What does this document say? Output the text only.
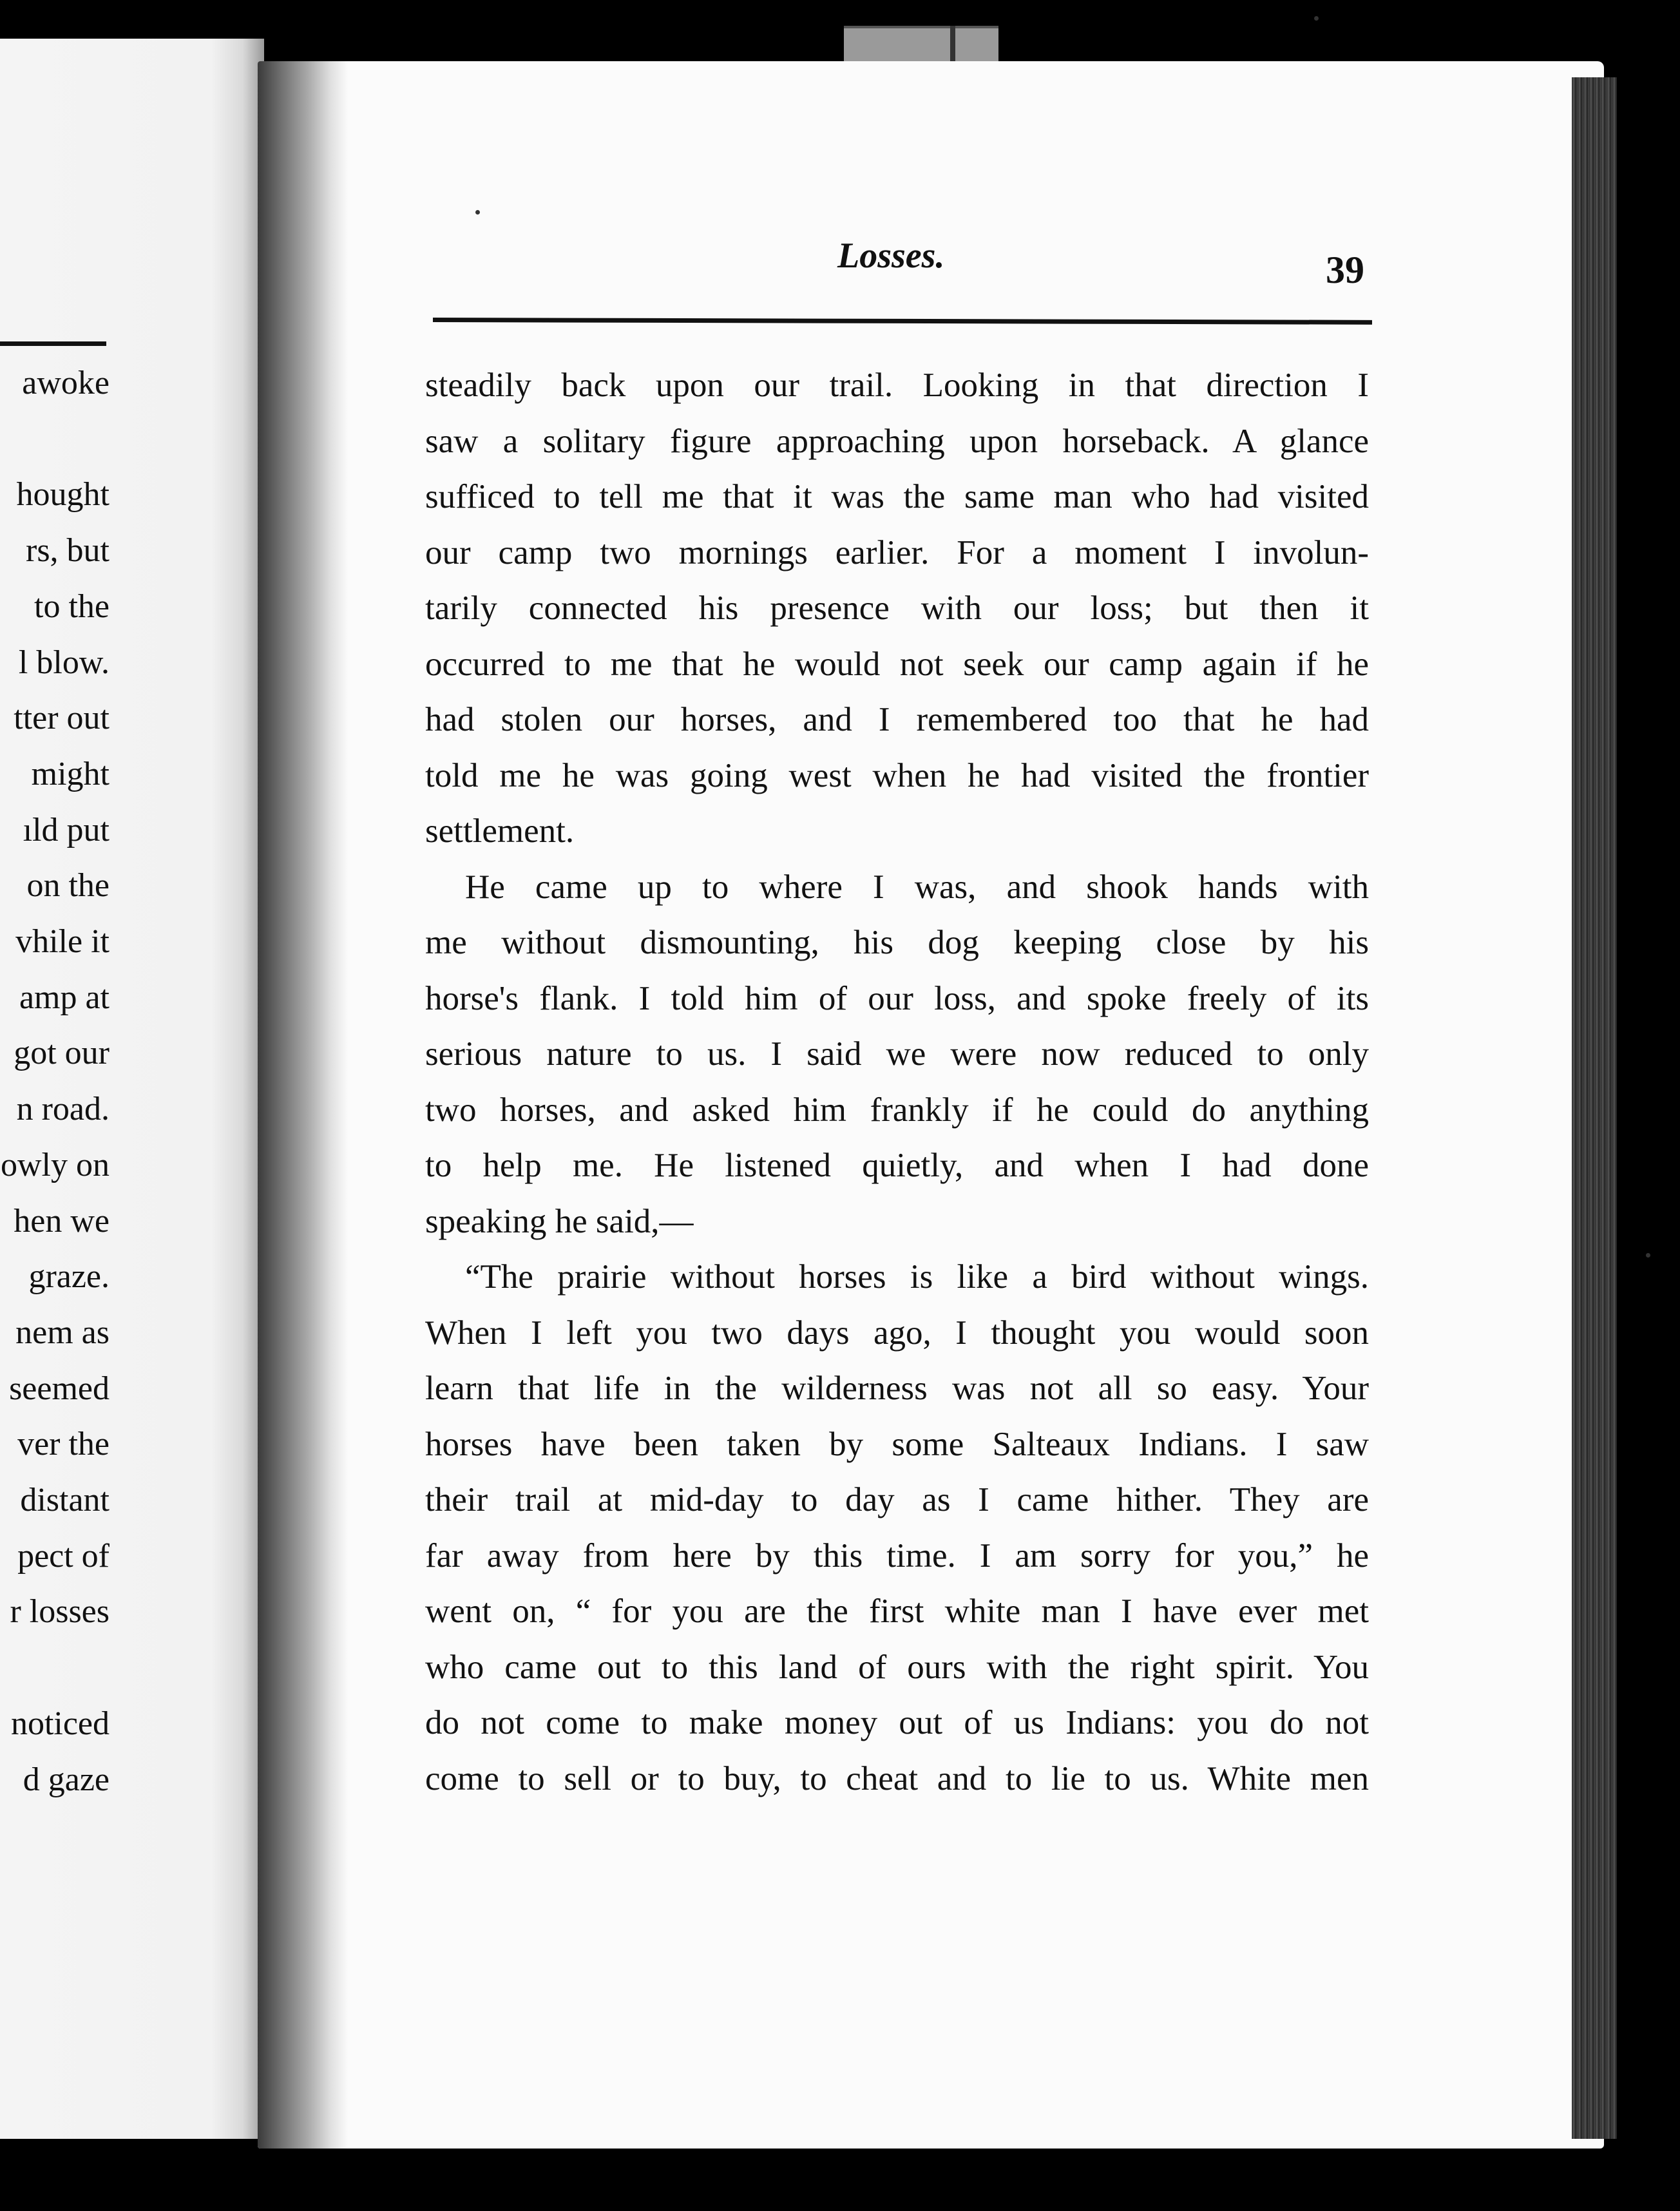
awoke
hought
rs, but
to the
l blow.
tter out
might
ıld put
on the
vhile it
amp at
got our
n road.
owly on
hen we
graze.
nem as
seemed
ver the
distant
pect of
r losses
noticed
d gaze
Losses.	39
steadily back upon our trail. Looking in that direction I
saw a solitary figure approaching upon horseback. A glance
sufficed to tell me that it was the same man who had visited
our camp two mornings earlier. For a moment I involun-
tarily connected his presence with our loss; but then it
occurred to me that he would not seek our camp again if he
had stolen our horses, and I remembered too that he had
told me he was going west when he had visited the frontier
settlement.
He came up to where I was, and shook hands with
me without dismounting, his dog keeping close by his
horse's flank. I told him of our loss, and spoke freely of its
serious nature to us. I said we were now reduced to only
two horses, and asked him frankly if he could do anything
to help me. He listened quietly, and when I had done
speaking he said,—
“The prairie without horses is like a bird without wings.
When I left you two days ago, I thought you would soon
learn that life in the wilderness was not all so easy. Your
horses have been taken by some Salteaux Indians. I saw
their trail at mid-day to day as I came hither. They are
far away from here by this time. I am sorry for you,” he
went on, “ for you are the first white man I have ever met
who came out to this land of ours with the right spirit. You
do not come to make money out of us Indians: you do not
come to sell or to buy, to cheat and to lie to us. White men
